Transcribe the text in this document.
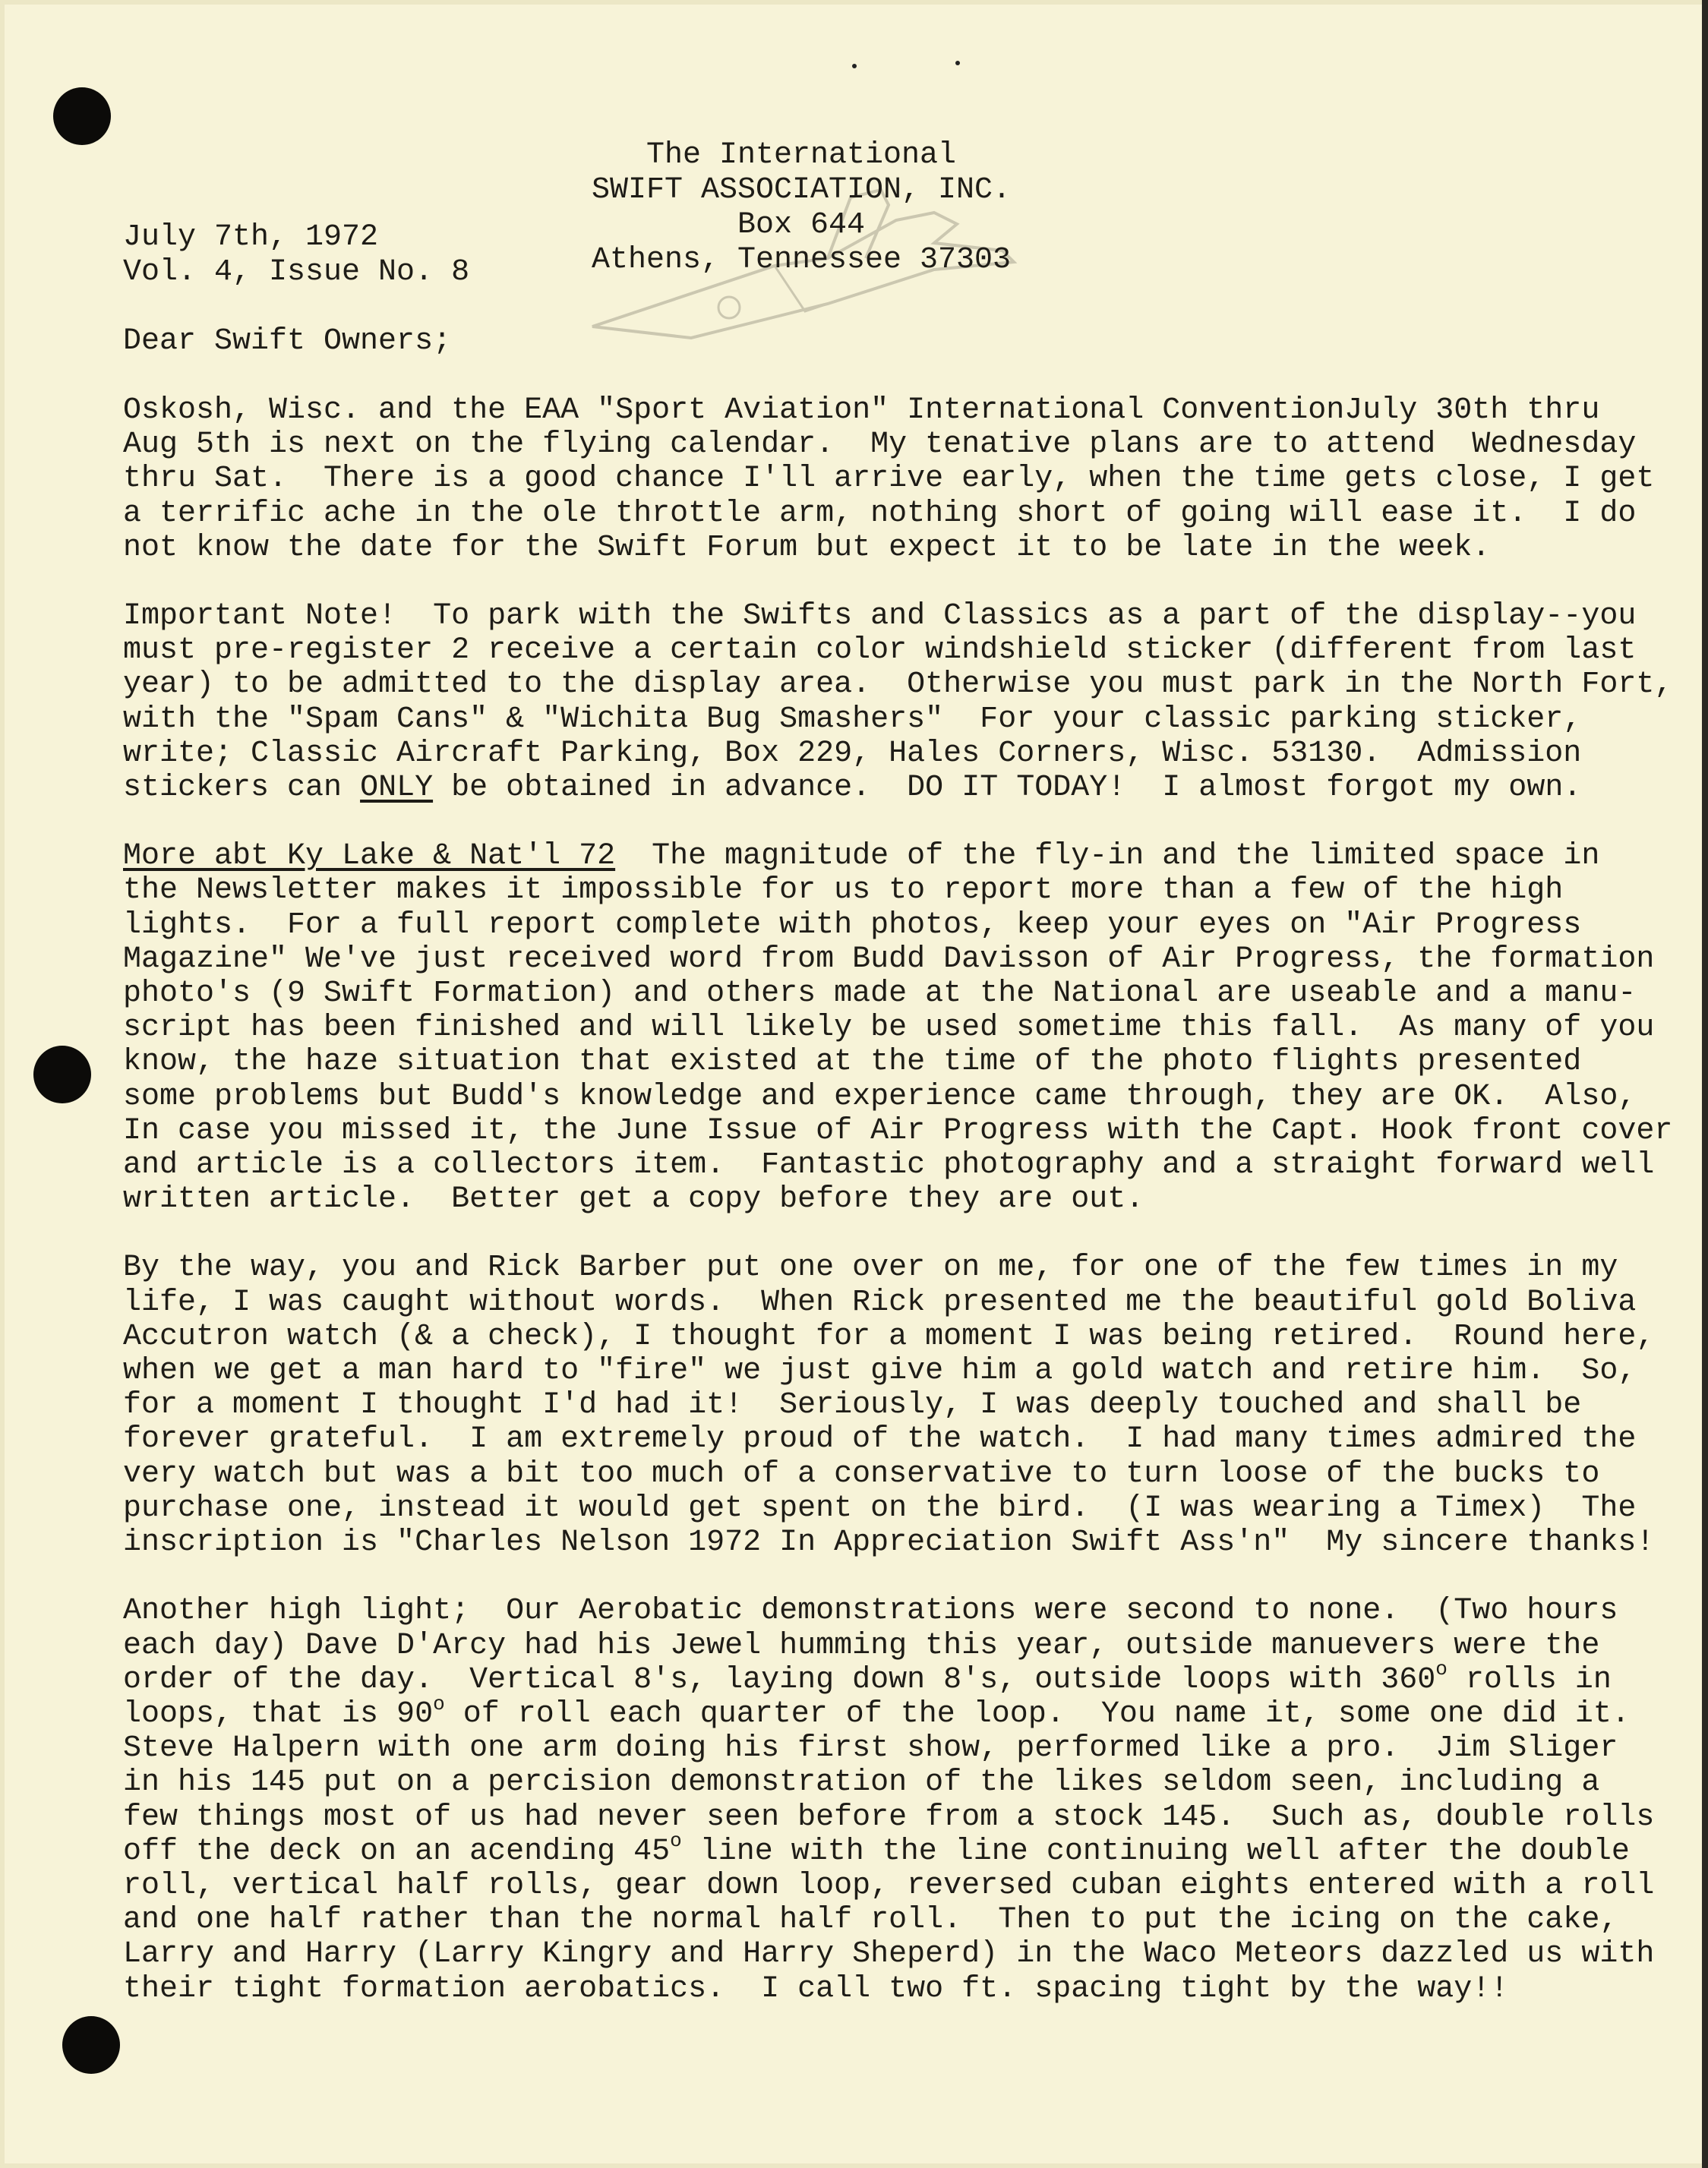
The International
SWIFT ASSOCIATION, INC.
Box 644
Athens, Tennessee 37303
July 7th, 1972
Vol. 4, Issue No. 8
Dear Swift Owners;
Oskosh, Wisc. and the EAA "Sport Aviation" International ConventionJuly 30th thru
Aug 5th is next on the flying calendar.  My tenative plans are to attend  Wednesday
thru Sat.  There is a good chance I'll arrive early, when the time gets close, I get
a terrific ache in the ole throttle arm, nothing short of going will ease it.  I do
not know the date for the Swift Forum but expect it to be late in the week.
Important Note!  To park with the Swifts and Classics as a part of the display--you
must pre-register 2 receive a certain color windshield sticker (different from last
year) to be admitted to the display area.  Otherwise you must park in the North Fort,
with the "Spam Cans" & "Wichita Bug Smashers"  For your classic parking sticker,
write; Classic Aircraft Parking, Box 229, Hales Corners, Wisc. 53130.  Admission
stickers can ONLY be obtained in advance.  DO IT TODAY!  I almost forgot my own.
More abt Ky Lake & Nat'l 72  The magnitude of the fly-in and the limited space in
the Newsletter makes it impossible for us to report more than a few of the high
lights.  For a full report complete with photos, keep your eyes on "Air Progress
Magazine" We've just received word from Budd Davisson of Air Progress, the formation
photo's (9 Swift Formation) and others made at the National are useable and a manu-
script has been finished and will likely be used sometime this fall.  As many of you
know, the haze situation that existed at the time of the photo flights presented
some problems but Budd's knowledge and experience came through, they are OK.  Also,
In case you missed it, the June Issue of Air Progress with the Capt. Hook front cover
and article is a collectors item.  Fantastic photography and a straight forward well
written article.  Better get a copy before they are out.
By the way, you and Rick Barber put one over on me, for one of the few times in my
life, I was caught without words.  When Rick presented me the beautiful gold Boliva
Accutron watch (& a check), I thought for a moment I was being retired.  Round here,
when we get a man hard to "fire" we just give him a gold watch and retire him.  So,
for a moment I thought I'd had it!  Seriously, I was deeply touched and shall be
forever grateful.  I am extremely proud of the watch.  I had many times admired the
very watch but was a bit too much of a conservative to turn loose of the bucks to
purchase one, instead it would get spent on the bird.  (I was wearing a Timex)  The
inscription is "Charles Nelson 1972 In Appreciation Swift Ass'n"  My sincere thanks!
Another high light;  Our Aerobatic demonstrations were second to none.  (Two hours
each day) Dave D'Arcy had his Jewel humming this year, outside manuevers were the
order of the day.  Vertical 8's, laying down 8's, outside loops with 360$^o$ rolls in
loops, that is 90$^o$ of roll each quarter of the loop.  You name it, some one did it.
Steve Halpern with one arm doing his first show, performed like a pro.  Jim Sliger
in his 145 put on a percision demonstration of the likes seldom seen, including a
few things most of us had never seen before from a stock 145.  Such as, double rolls
off the deck on an acending 45$^o$ line with the line continuing well after the double
roll, vertical half rolls, gear down loop, reversed cuban eights entered with a roll
and one half rather than the normal half roll.  Then to put the icing on the cake,
Larry and Harry (Larry Kingry and Harry Sheperd) in the Waco Meteors dazzled us with
their tight formation aerobatics.  I call two ft. spacing tight by the way!!
